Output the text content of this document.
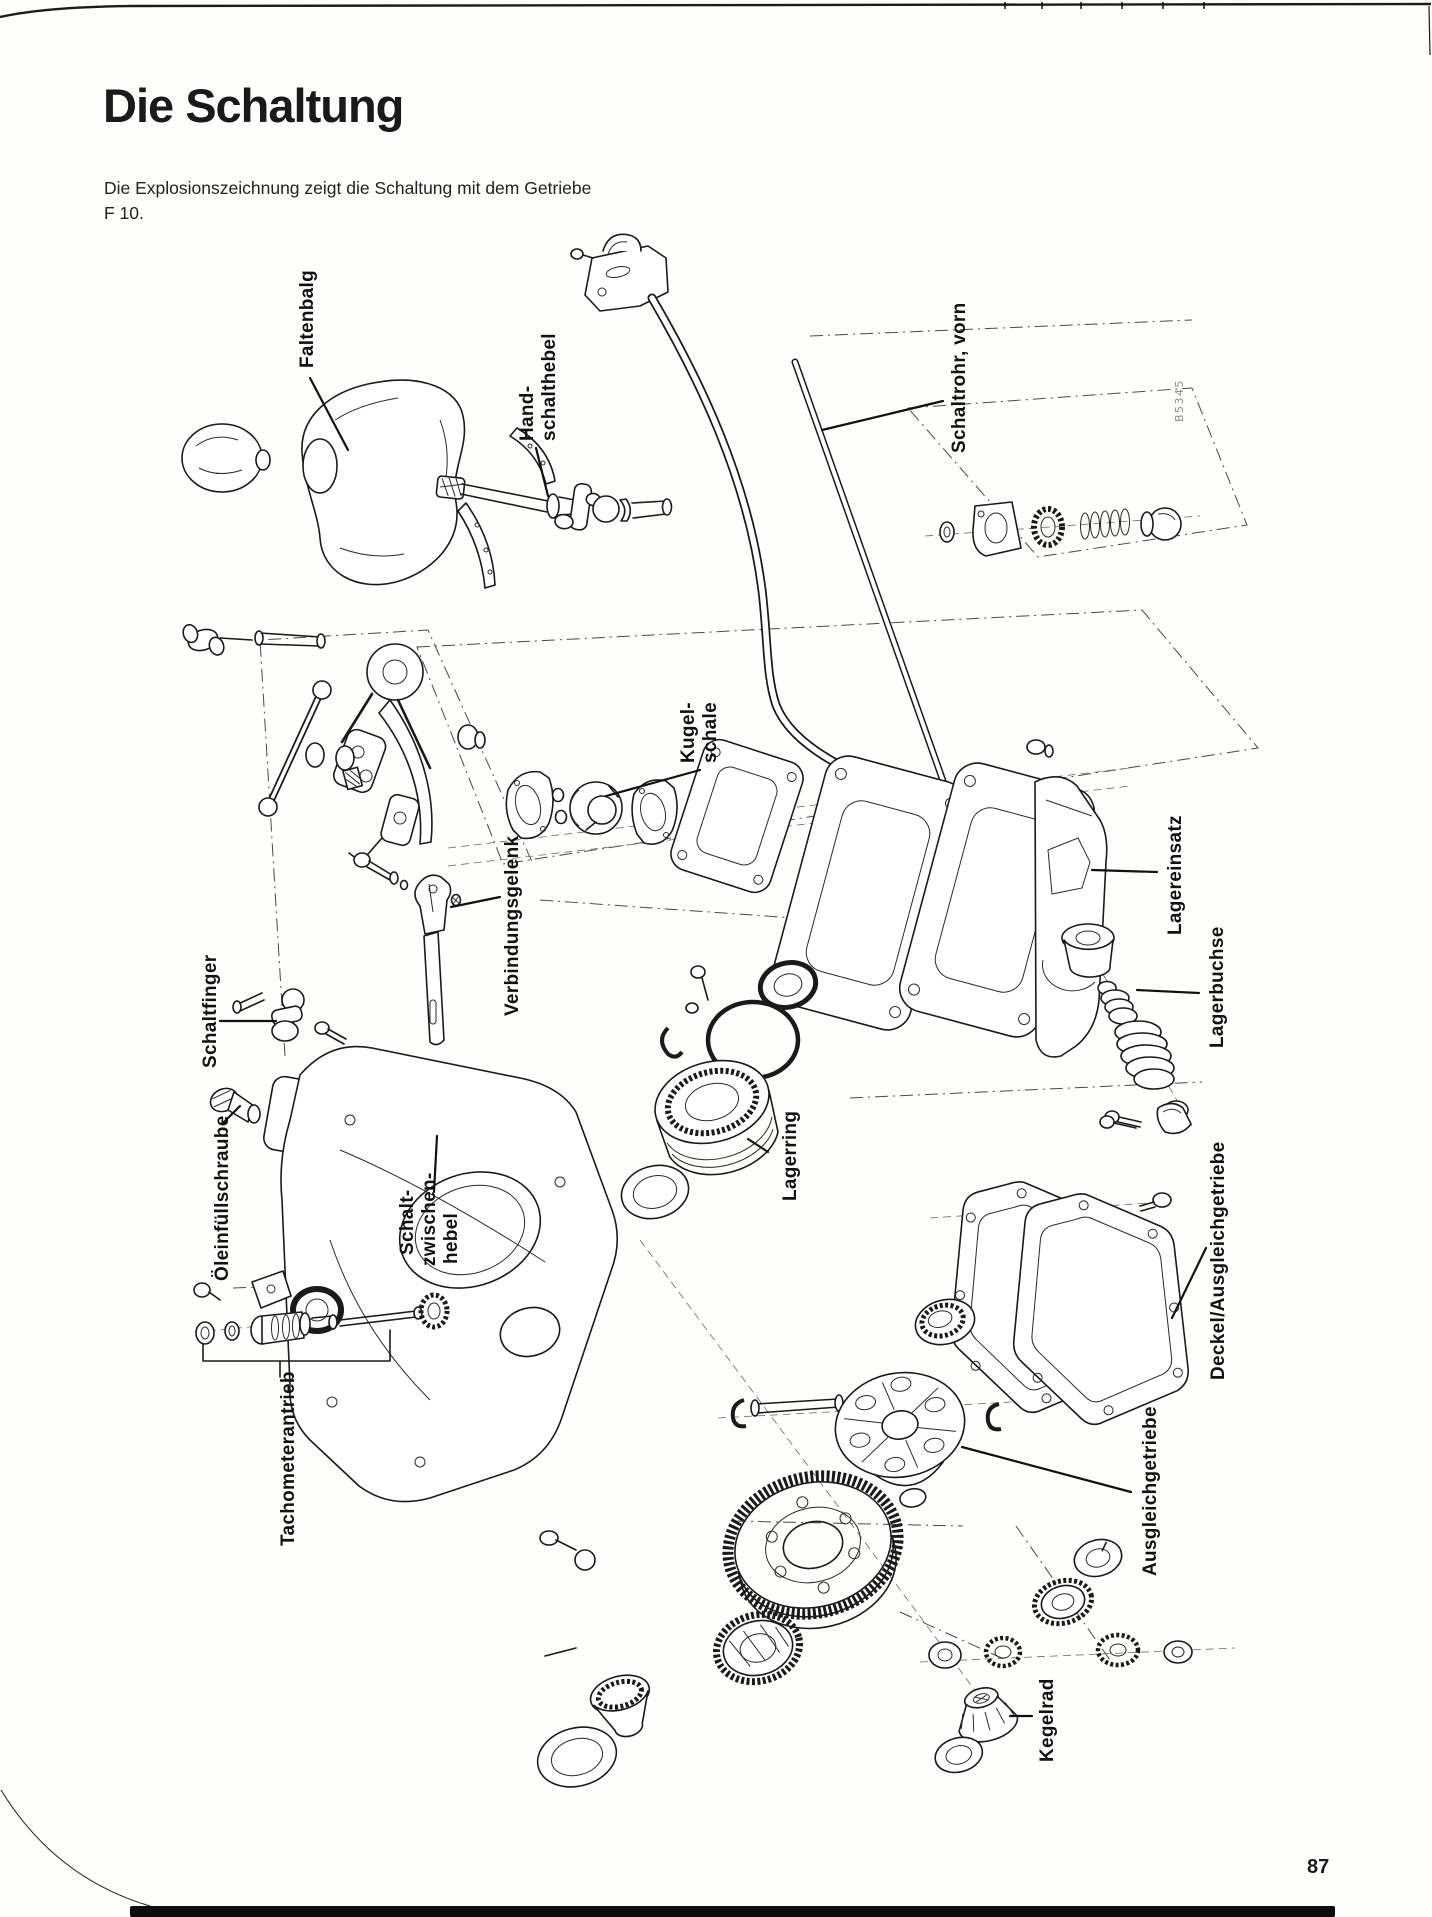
Die Schaltung
Die Explosionszeichnung zeigt die Schaltung mit dem Getriebe
F 10.
Faltenbalg
Hand- schalthebel	Schaltrohr, vorn	B5345
Kugel- schale
Verbindungsgelenk
Schaltfinger
Öleinfüllschraube	Schalt- zwischen- hebel
Lagerring
Lagereinsatz
Lagerbuchse
Deckel/Ausgleichgetriebe
Ausgleichgetriebe
Kegelrad
Tachometerantrieb
87
